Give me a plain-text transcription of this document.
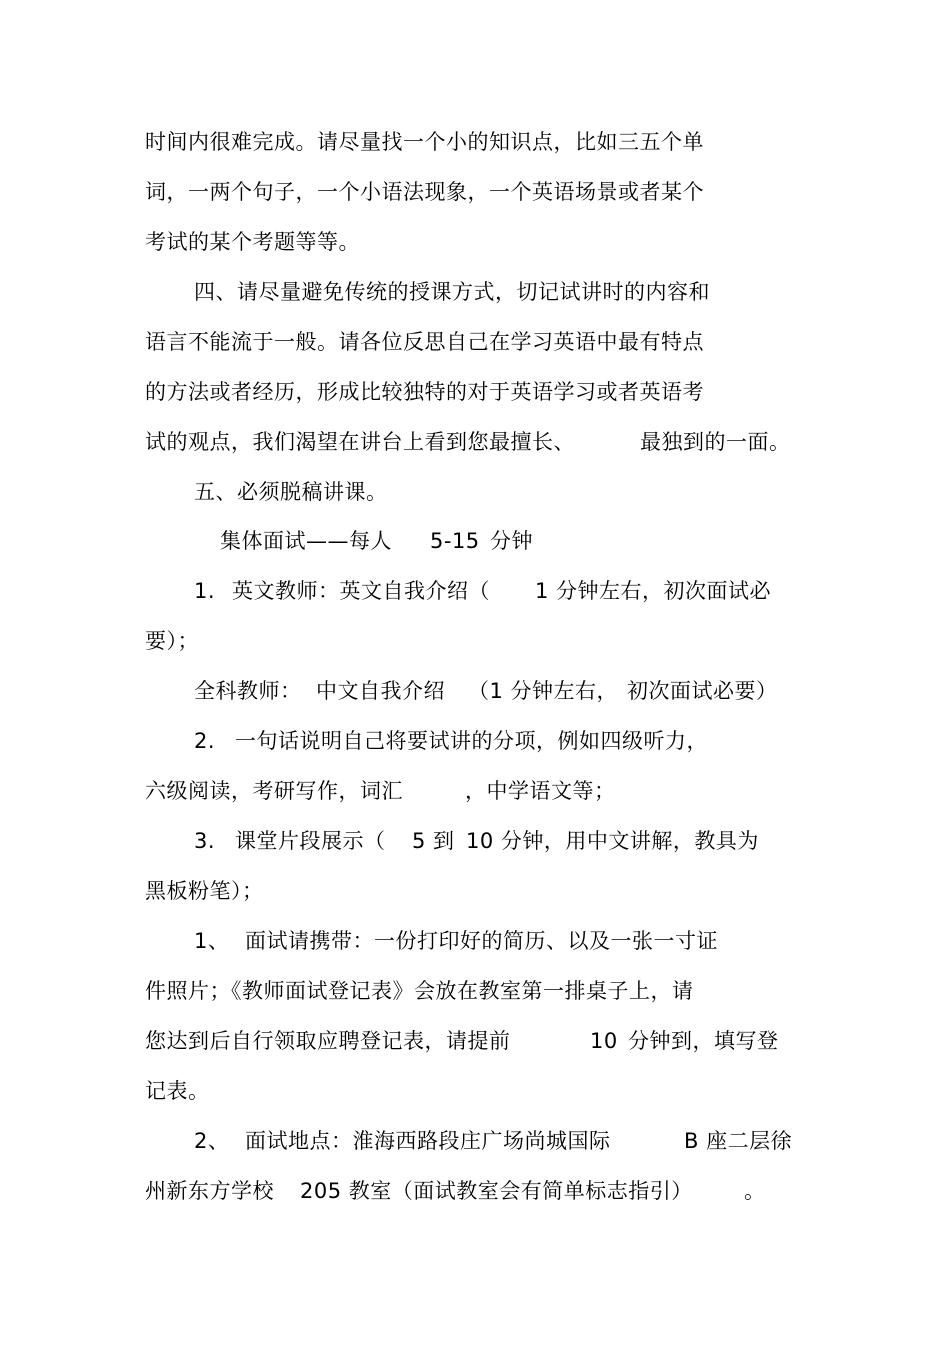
时间内很难完成。请尽量找一个小的知识点，比如三五个单
词，一两个句子，一个小语法现象，一个英语场景或者某个
考试的某个考题等等。
四、请尽量避免传统的授课方式，切记试讲时的内容和
语言不能流于一般。请各位反思自己在学习英语中最有特点
的方法或者经历，形成比较独特的对于英语学习或者英语考
试的观点，我们渴望在讲台上看到您最擅长、	最独到的一面。
五、必须脱稿讲课。
集体面试——每人 5-15 分钟
1. 英文教师：英文自我介绍（ 1 分钟左右，初次面试必
要）；
全科教师： 中文自我介绍 （1 分钟左右， 初次面试必要）
2. 一句话说明自己将要试讲的分项，例如四级听力，
六级阅读，考研写作，词汇	，中学语文等；
3. 课堂片段展示（ 5 到 10 分钟，用中文讲解，教具为
黑板粉笔）；
1、 面试请携带：一份打印好的简历、以及一张一寸证
件照片；《教师面试登记表》会放在教室第一排桌子上，请
您达到后自行领取应聘登记表，请提前	10 分钟到，填写登
记表。
2、 面试地点：淮海西路段庄广场尚城国际	B 座二层徐
州新东方学校 205 教室（面试教室会有简单标志指引） 。
